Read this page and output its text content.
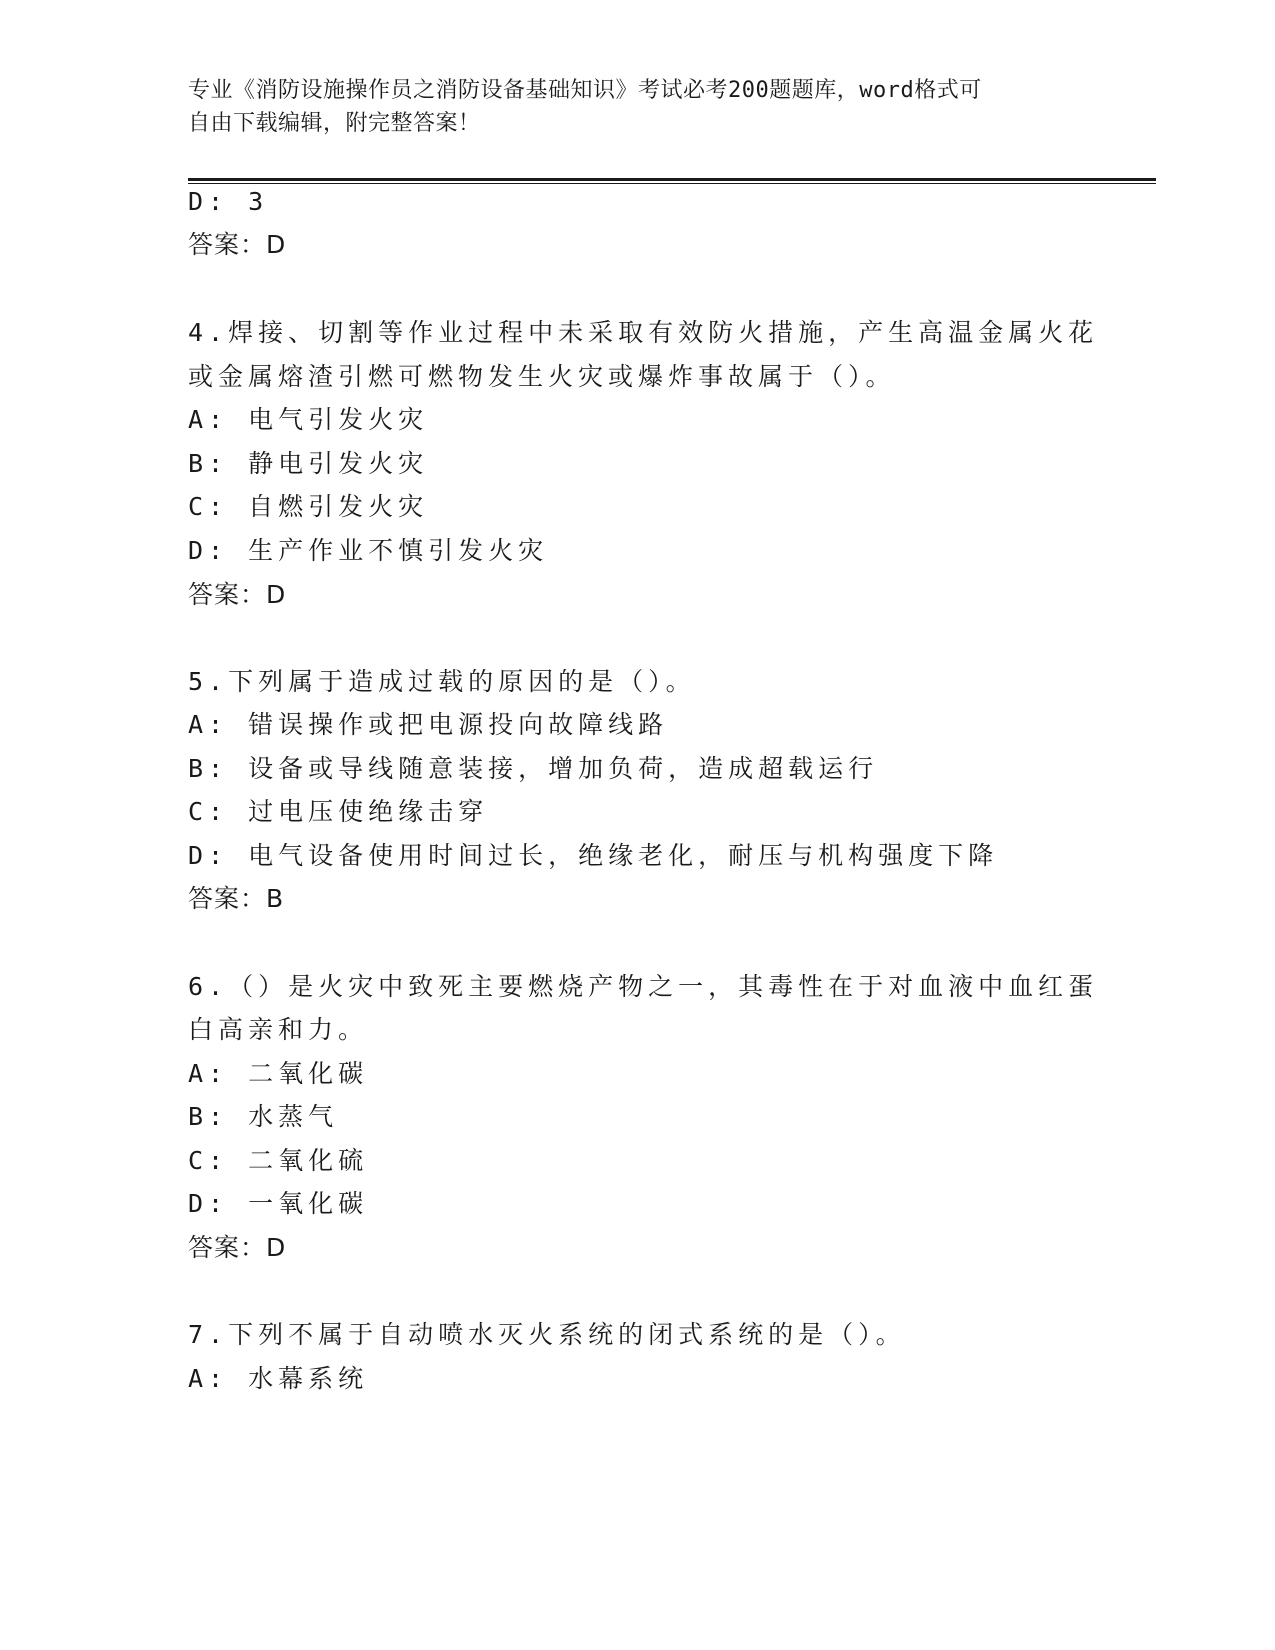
专业《消防设施操作员之消防设备基础知识》考试必考200题题库，word格式可
自由下载编辑，附完整答案！
D: 3
答案：D
4.焊接、切割等作业过程中未采取有效防火措施，产生高温金属火花
或金属熔渣引燃可燃物发生火灾或爆炸事故属于（）。
A: 电气引发火灾
B: 静电引发火灾
C: 自燃引发火灾
D: 生产作业不慎引发火灾
答案：D
5.下列属于造成过载的原因的是（）。
A: 错误操作或把电源投向故障线路
B: 设备或导线随意装接，增加负荷，造成超载运行
C: 过电压使绝缘击穿
D: 电气设备使用时间过长，绝缘老化，耐压与机构强度下降
答案：B
6.（）是火灾中致死主要燃烧产物之一，其毒性在于对血液中血红蛋
白高亲和力。
A: 二氧化碳
B: 水蒸气
C: 二氧化硫
D: 一氧化碳
答案：D
7.下列不属于自动喷水灭火系统的闭式系统的是（）。
A: 水幕系统
